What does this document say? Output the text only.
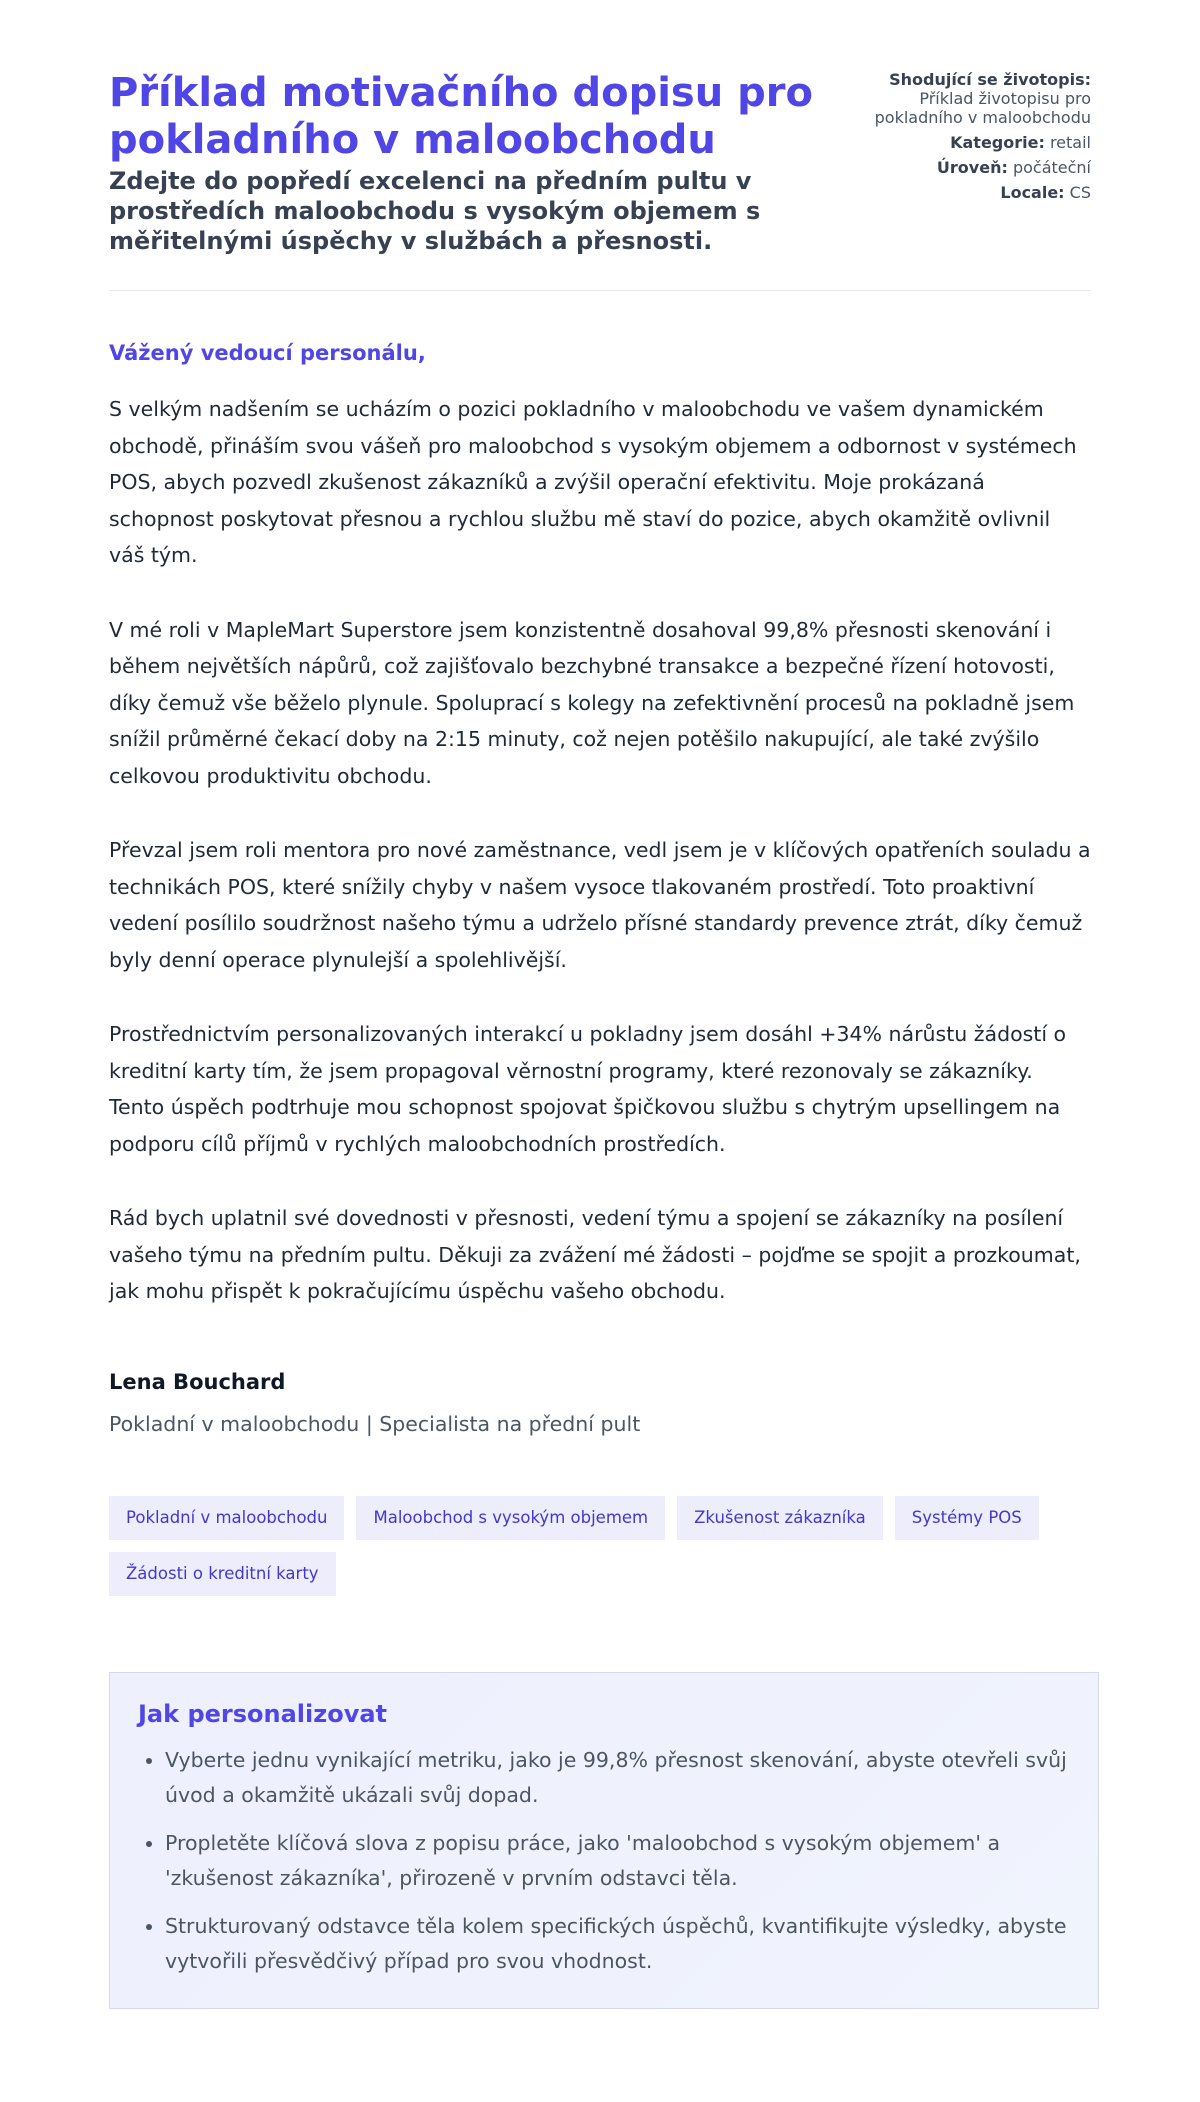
Příklad motivačního dopisu pro pokladního v maloobchodu
Zdejte do popředí excelenci na předním pultu v prostředích maloobchodu s vysokým objemem s měřitelnými úspěchy v službách a přesnosti.
Shodující se životopis:
Příklad životopisu pro pokladního v maloobchodu
Kategorie: retail
Úroveň: počáteční
Locale: CS

Vážený vedoucí personálu,

S velkým nadšením se ucházím o pozici pokladního v maloobchodu ve vašem dynamickém obchodě, přináším svou vášeň pro maloobchod s vysokým objemem a odbornost v systémech POS, abych pozvedl zkušenost zákazníků a zvýšil operační efektivitu. Moje prokázaná schopnost poskytovat přesnou a rychlou službu mě staví do pozice, abych okamžitě ovlivnil váš tým.

V mé roli v MapleMart Superstore jsem konzistentně dosahoval 99,8% přesnosti skenování i během největších nápůrů, což zajišťovalo bezchybné transakce a bezpečné řízení hotovosti, díky čemuž vše běželo plynule. Spoluprací s kolegy na zefektivnění procesů na pokladně jsem snížil průměrné čekací doby na 2:15 minuty, což nejen potěšilo nakupující, ale také zvýšilo celkovou produktivitu obchodu.

Převzal jsem roli mentora pro nové zaměstnance, vedl jsem je v klíčových opatřeních souladu a technikách POS, které snížily chyby v našem vysoce tlakovaném prostředí. Toto proaktivní vedení posílilo soudržnost našeho týmu a udrželo přísné standardy prevence ztrát, díky čemuž byly denní operace plynulejší a spolehlivější.

Prostřednictvím personalizovaných interakcí u pokladny jsem dosáhl +34% nárůstu žádostí o kreditní karty tím, že jsem propagoval věrnostní programy, které rezonovaly se zákazníky. Tento úspěch podtrhuje mou schopnost spojovat špičkovou službu s chytrým upsellingem na podporu cílů příjmů v rychlých maloobchodních prostředích.

Rád bych uplatnil své dovednosti v přesnosti, vedení týmu a spojení se zákazníky na posílení vašeho týmu na předním pultu. Děkuji za zvážení mé žádosti – pojďme se spojit a prozkoumat, jak mohu přispět k pokračujícímu úspěchu vašeho obchodu.

Lena Bouchard
Pokladní v maloobchodu | Specialista na přední pult
Pokladní v maloobchodu	Maloobchod s vysokým objemem	Zkušenost zákazníka	Systémy POS
Žádosti o kreditní karty
Jak personalizovat
• Vyberte jednu vynikající metriku, jako je 99,8% přesnost skenování, abyste otevřeli svůj úvod a okamžitě ukázali svůj dopad.
• Propletěte klíčová slova z popisu práce, jako 'maloobchod s vysokým objemem' a 'zkušenost zákazníka', přirozeně v prvním odstavci těla.
• Strukturovaný odstavce těla kolem specifických úspěchů, kvantifikujte výsledky, abyste vytvořili přesvědčivý případ pro svou vhodnost.
